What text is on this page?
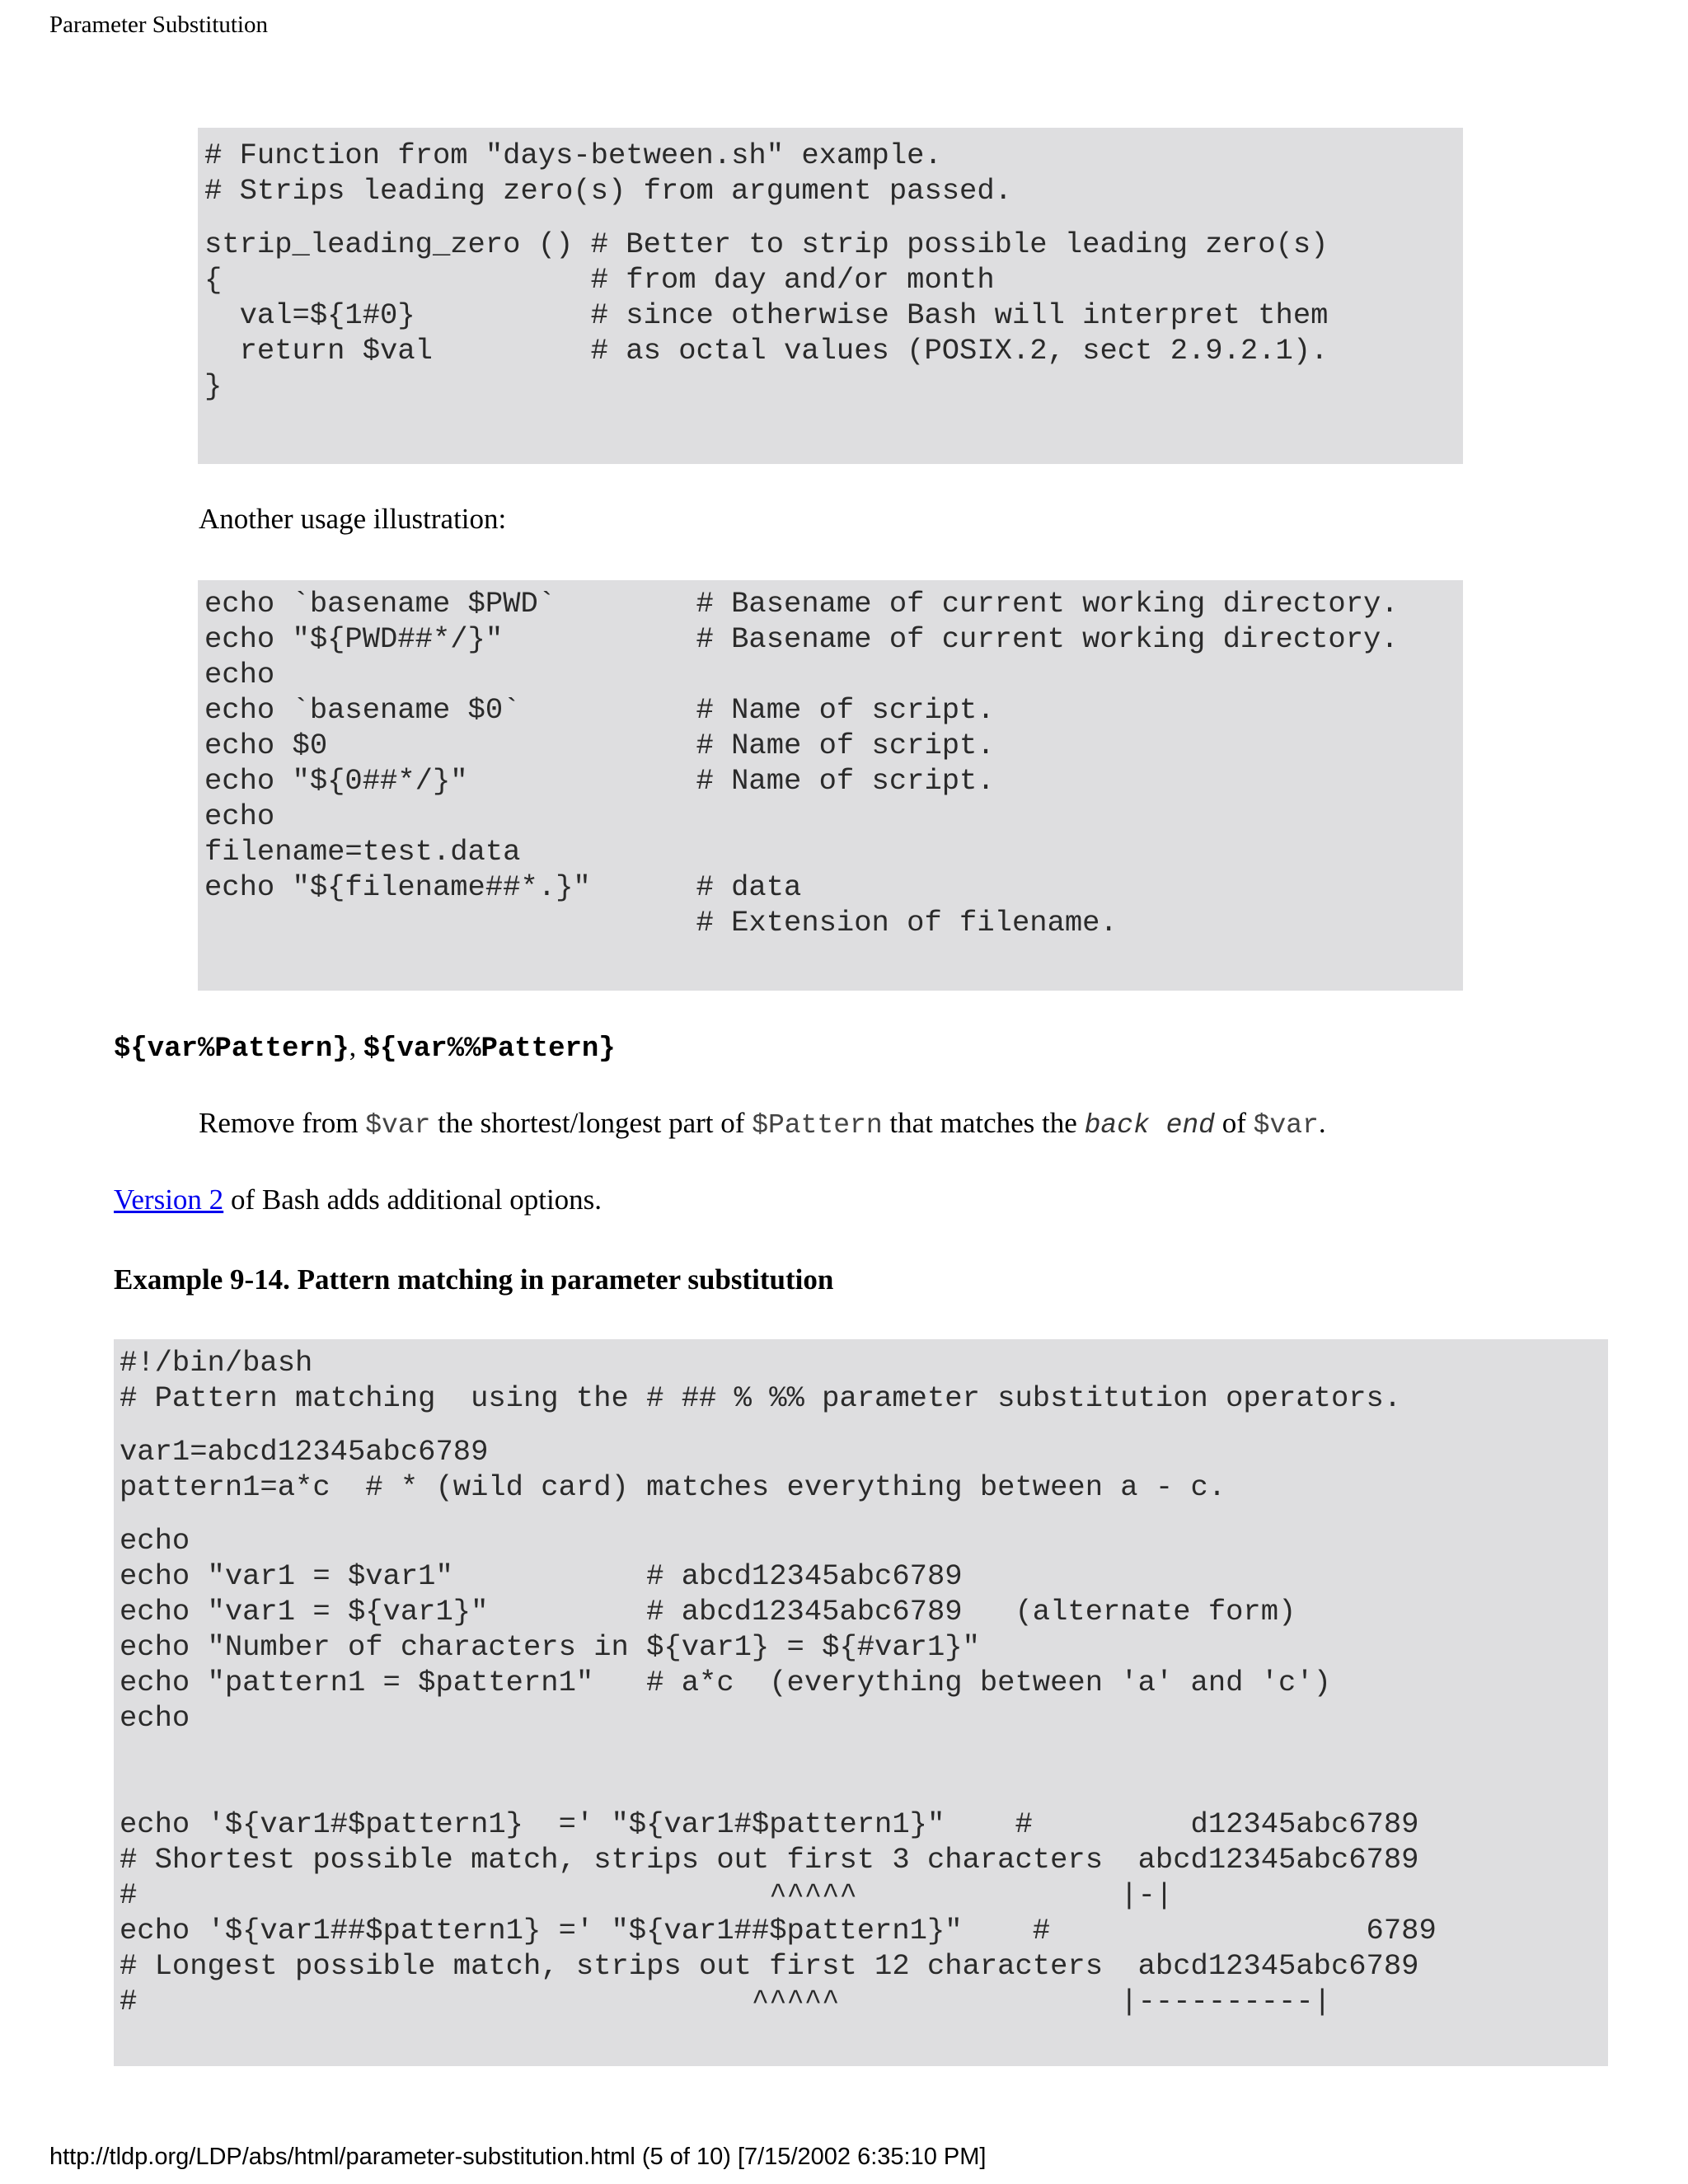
Parameter Substitution
# Function from "days-between.sh" example.
# Strips leading zero(s) from argument passed.

strip_leading_zero () # Better to strip possible leading zero(s)
{                     # from day and/or month
val=${1#0}          # since otherwise Bash will interpret them
return $val         # as octal values (POSIX.2, sect 2.9.2.1).
}
Another usage illustration:
echo `basename $PWD`        # Basename of current working directory.
echo "${PWD##*/}"           # Basename of current working directory.
echo
echo `basename $0`          # Name of script.
echo $0                     # Name of script.
echo "${0##*/}"             # Name of script.
echo
filename=test.data
echo "${filename##*.}"      # data
# Extension of filename.
${var%Pattern}, ${var%%Pattern}
Remove from $var the shortest/longest part of $Pattern that matches the back end of $var.
Version 2 of Bash adds additional options.
Example 9-14. Pattern matching in parameter substitution
#!/bin/bash
# Pattern matching  using the # ## % %% parameter substitution operators.

var1=abcd12345abc6789
pattern1=a*c  # * (wild card) matches everything between a - c.

echo
echo "var1 = $var1"           # abcd12345abc6789
echo "var1 = ${var1}"         # abcd12345abc6789   (alternate form)
echo "Number of characters in ${var1} = ${#var1}"
echo "pattern1 = $pattern1"   # a*c  (everything between 'a' and 'c')
echo

echo '${var1#$pattern1}  =' "${var1#$pattern1}"    #         d12345abc6789
# Shortest possible match, strips out first 3 characters  abcd12345abc6789
#                                    ^^^^^               |-|
echo '${var1##$pattern1} =' "${var1##$pattern1}"    #                  6789
# Longest possible match, strips out first 12 characters  abcd12345abc6789
#                                   ^^^^^                |----------|
http://tldp.org/LDP/abs/html/parameter-substitution.html (5 of 10) [7/15/2002 6:35:10 PM]
